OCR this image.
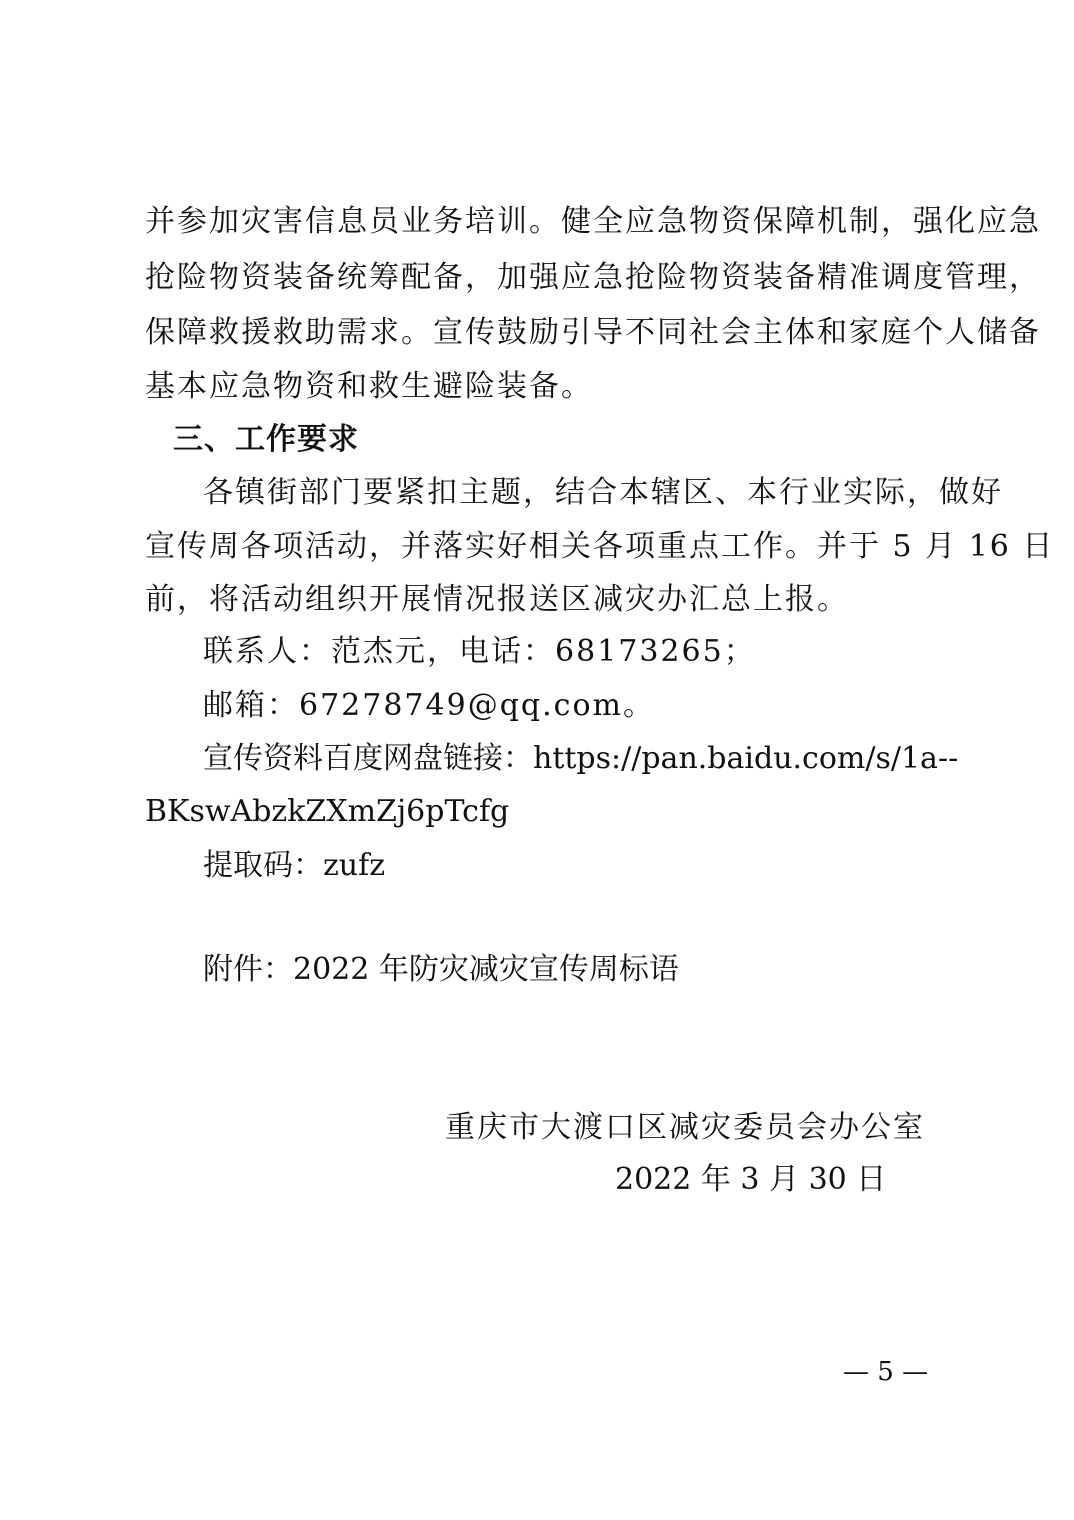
并参加灾害信息员业务培训。健全应急物资保障机制，强化应急
抢险物资装备统筹配备，加强应急抢险物资装备精准调度管理，
保障救援救助需求。宣传鼓励引导不同社会主体和家庭个人储备
基本应急物资和救生避险装备。
三、工作要求
各镇街部门要紧扣主题，结合本辖区、本行业实际，做好
宣传周各项活动，并落实好相关各项重点工作。并于 5 月 16 日
前，将活动组织开展情况报送区减灾办汇总上报。
联系人：范杰元，电话：68173265；
邮箱：67278749@qq.com。
宣传资料百度网盘链接：https://pan.baidu.com/s/1a--
BKswAbzkZXmZj6pTcfg
提取码：zufz
附件：2022 年防灾减灾宣传周标语
重庆市大渡口区减灾委员会办公室
2022 年 3 月 30 日
— 5 —
